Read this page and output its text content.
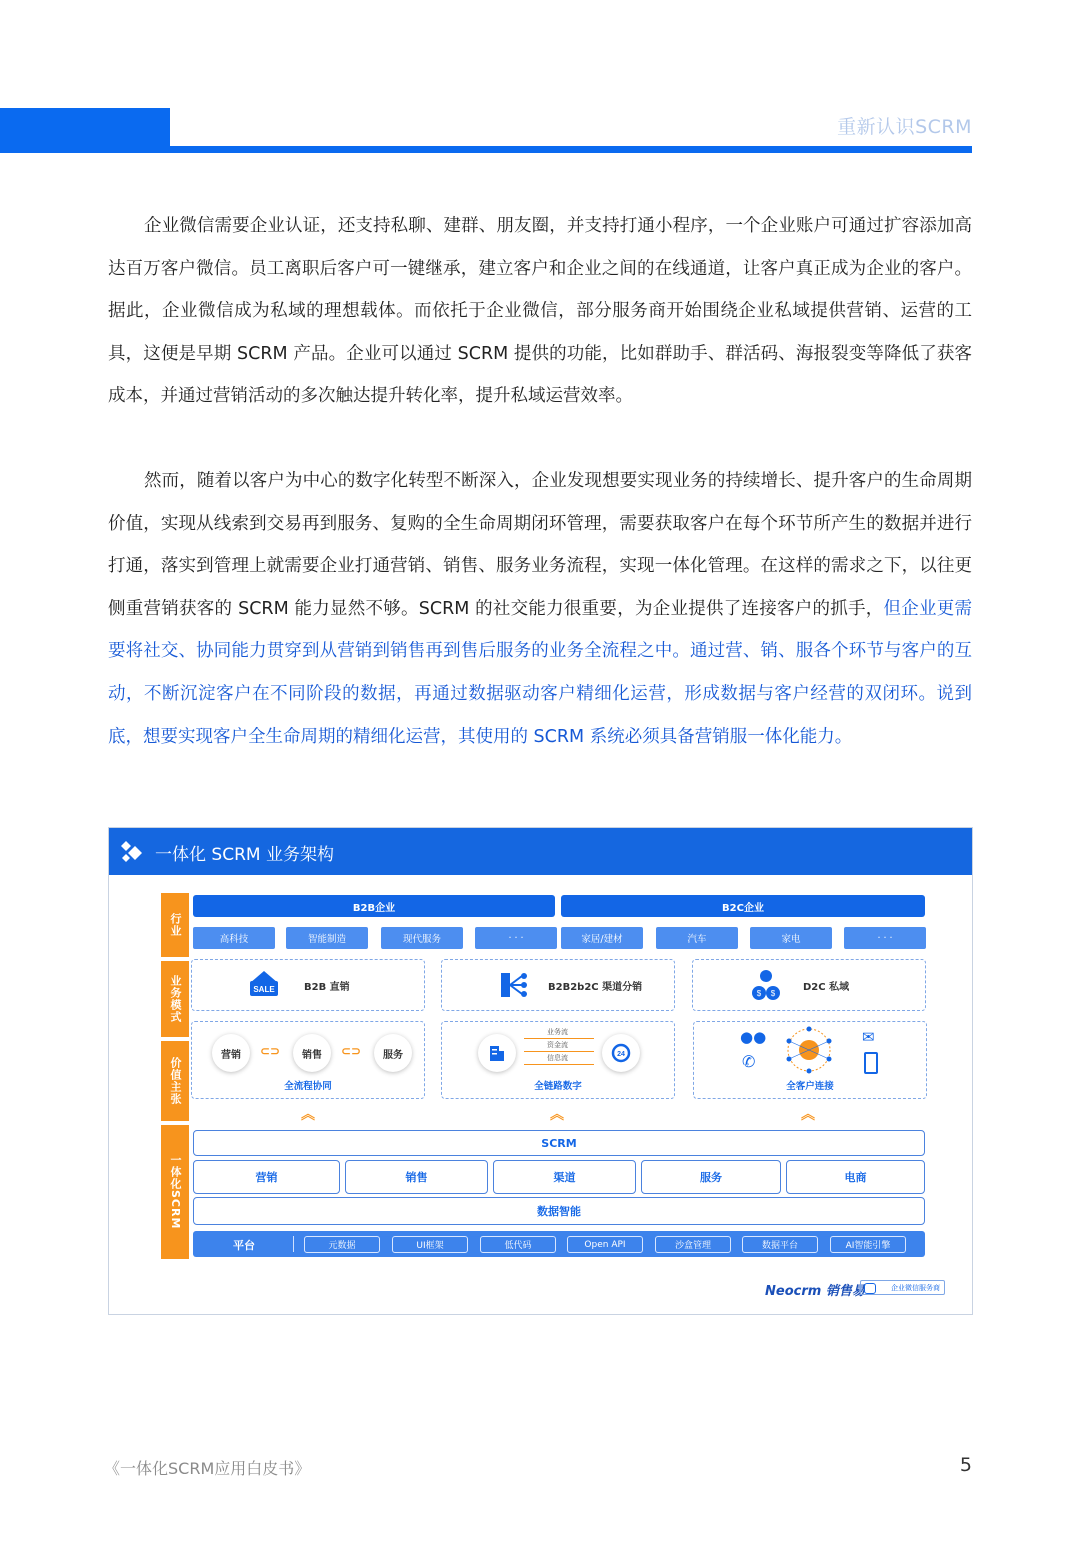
重新认识SCRM

企业微信需要企业认证，还支持私聊、建群、朋友圈，并支持打通小程序，一个企业账户可通过扩容添加高达百万客户微信。员工离职后客户可一键继承，建立客户和企业之间的在线通道，让客户真正成为企业的客户。据此，企业微信成为私域的理想载体。而依托于企业微信，部分服务商开始围绕企业私域提供营销、运营的工具，这便是早期 SCRM 产品。企业可以通过 SCRM 提供的功能，比如群助手、群活码、海报裂变等降低了获客成本，并通过营销活动的多次触达提升转化率，提升私域运营效率。

然而，随着以客户为中心的数字化转型不断深入，企业发现想要实现业务的持续增长、提升客户的生命周期价值，实现从线索到交易再到服务、复购的全生命周期闭环管理，需要获取客户在每个环节所产生的数据并进行打通，落实到管理上就需要企业打通营销、销售、服务业务流程，实现一体化管理。在这样的需求之下，以往更侧重营销获客的 SCRM 能力显然不够。SCRM 的社交能力很重要，为企业提供了连接客户的抓手，但企业更需要将社交、协同能力贯穿到从营销到销售再到售后服务的业务全流程之中。通过营、销、服各个环节与客户的互动，不断沉淀客户在不同阶段的数据，再通过数据驱动客户精细化运营，形成数据与客户经营的双闭环。说到底，想要实现客户全生命周期的精细化运营，其使用的 SCRM 系统必须具备营销服一体化能力。

一体化 SCRM 业务架构
行业
业务模式
价值主张
一体化SCRM
B2B企业	B2C企业
高科技	智能制造	现代服务	· · ·	家居/建材	汽车	家电	· · ·
SALE	B2B 直销	B2B2b2C 渠道分销
$ $
D2C 私域
营销	⊂⊃	销售	⊂⊃	服务
全流程协同
业务流
资金流
信息流	24
全链路数字
●●
✆
✉
全客户连接
︽	︽	︽
SCRM
营销	销售	渠道	服务	电商
数据智能
平台	元数据	UI框架	低代码	Open API	沙盒管理	数据平台	AI智能引擎
Neocrm 销售易	企业微信服务商
《一体化SCRM应用白皮书》	5
